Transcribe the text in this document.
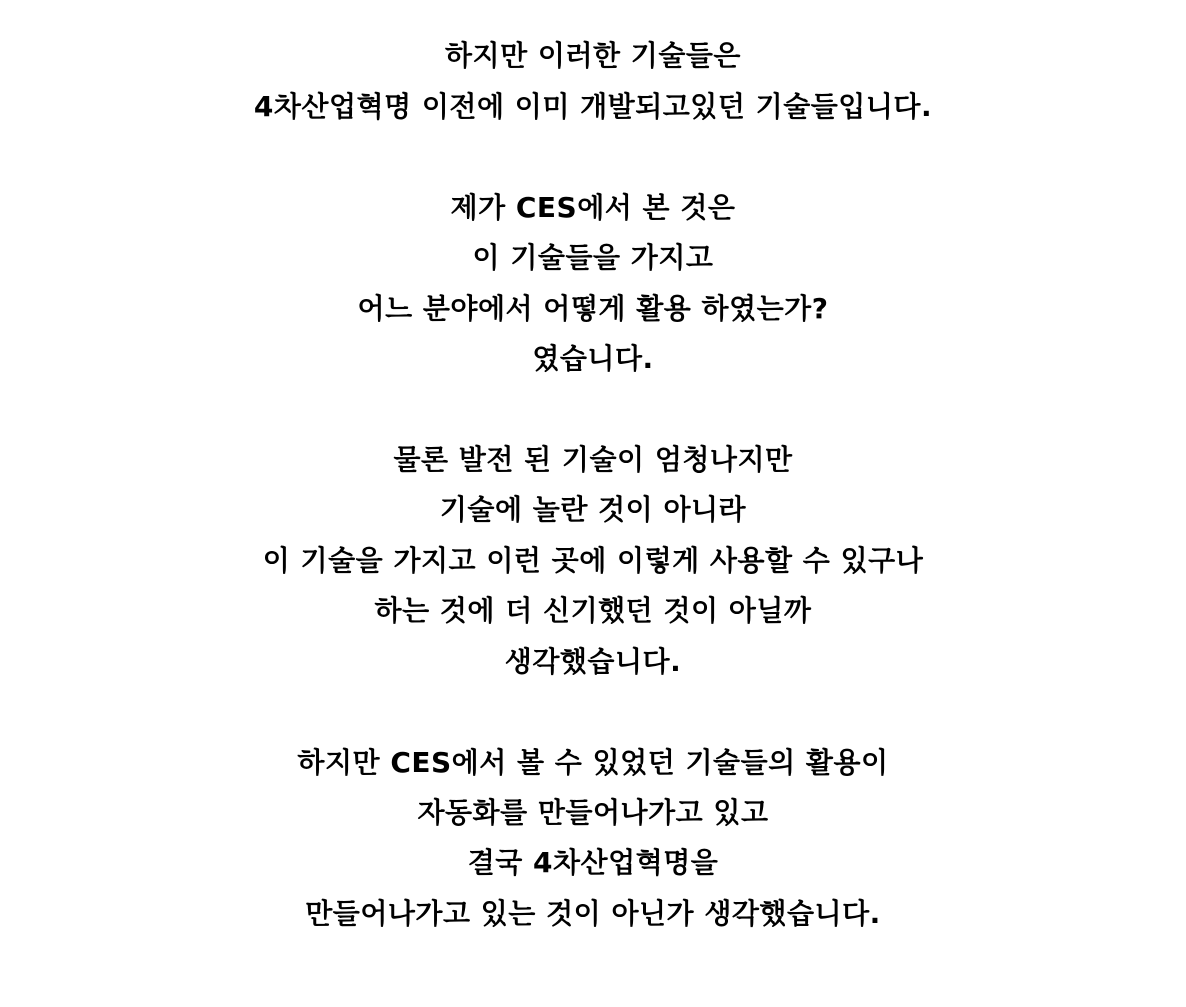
하지만 이러한 기술들은
4차산업혁명 이전에 이미 개발되고있던 기술들입니다.
제가 CES에서 본 것은
이 기술들을 가지고
어느 분야에서 어떻게 활용 하였는가?
였습니다.
물론 발전 된 기술이 엄청나지만
기술에 놀란 것이 아니라
이 기술을 가지고 이런 곳에 이렇게 사용할 수 있구나
하는 것에 더 신기했던 것이 아닐까
생각했습니다.
하지만 CES에서 볼 수 있었던 기술들의 활용이
자동화를 만들어나가고 있고
결국 4차산업혁명을
만들어나가고 있는 것이 아닌가 생각했습니다.
